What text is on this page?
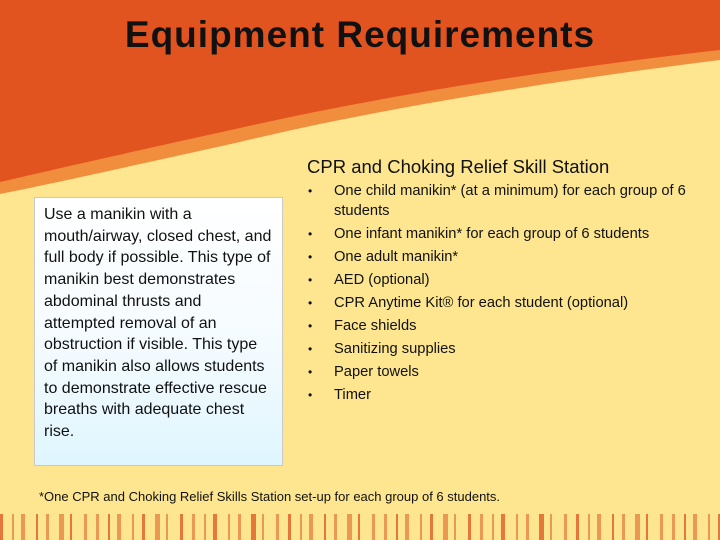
Equipment Requirements
Use a manikin with a mouth/airway, closed chest, and full body if possible. This type of manikin best demonstrates abdominal thrusts and attempted removal of an obstruction if visible. This type of manikin also allows students to demonstrate effective rescue breaths with adequate chest rise.
CPR and Choking Relief Skill Station
• One child manikin* (at a minimum) for each group of 6 students
• One infant manikin* for each group of 6 students
• One adult manikin*
• AED (optional)
• CPR Anytime Kit® for each student (optional)
• Face shields
• Sanitizing supplies
• Paper towels
• Timer

*One CPR and Choking Relief Skills Station set-up for each group of 6 students.
